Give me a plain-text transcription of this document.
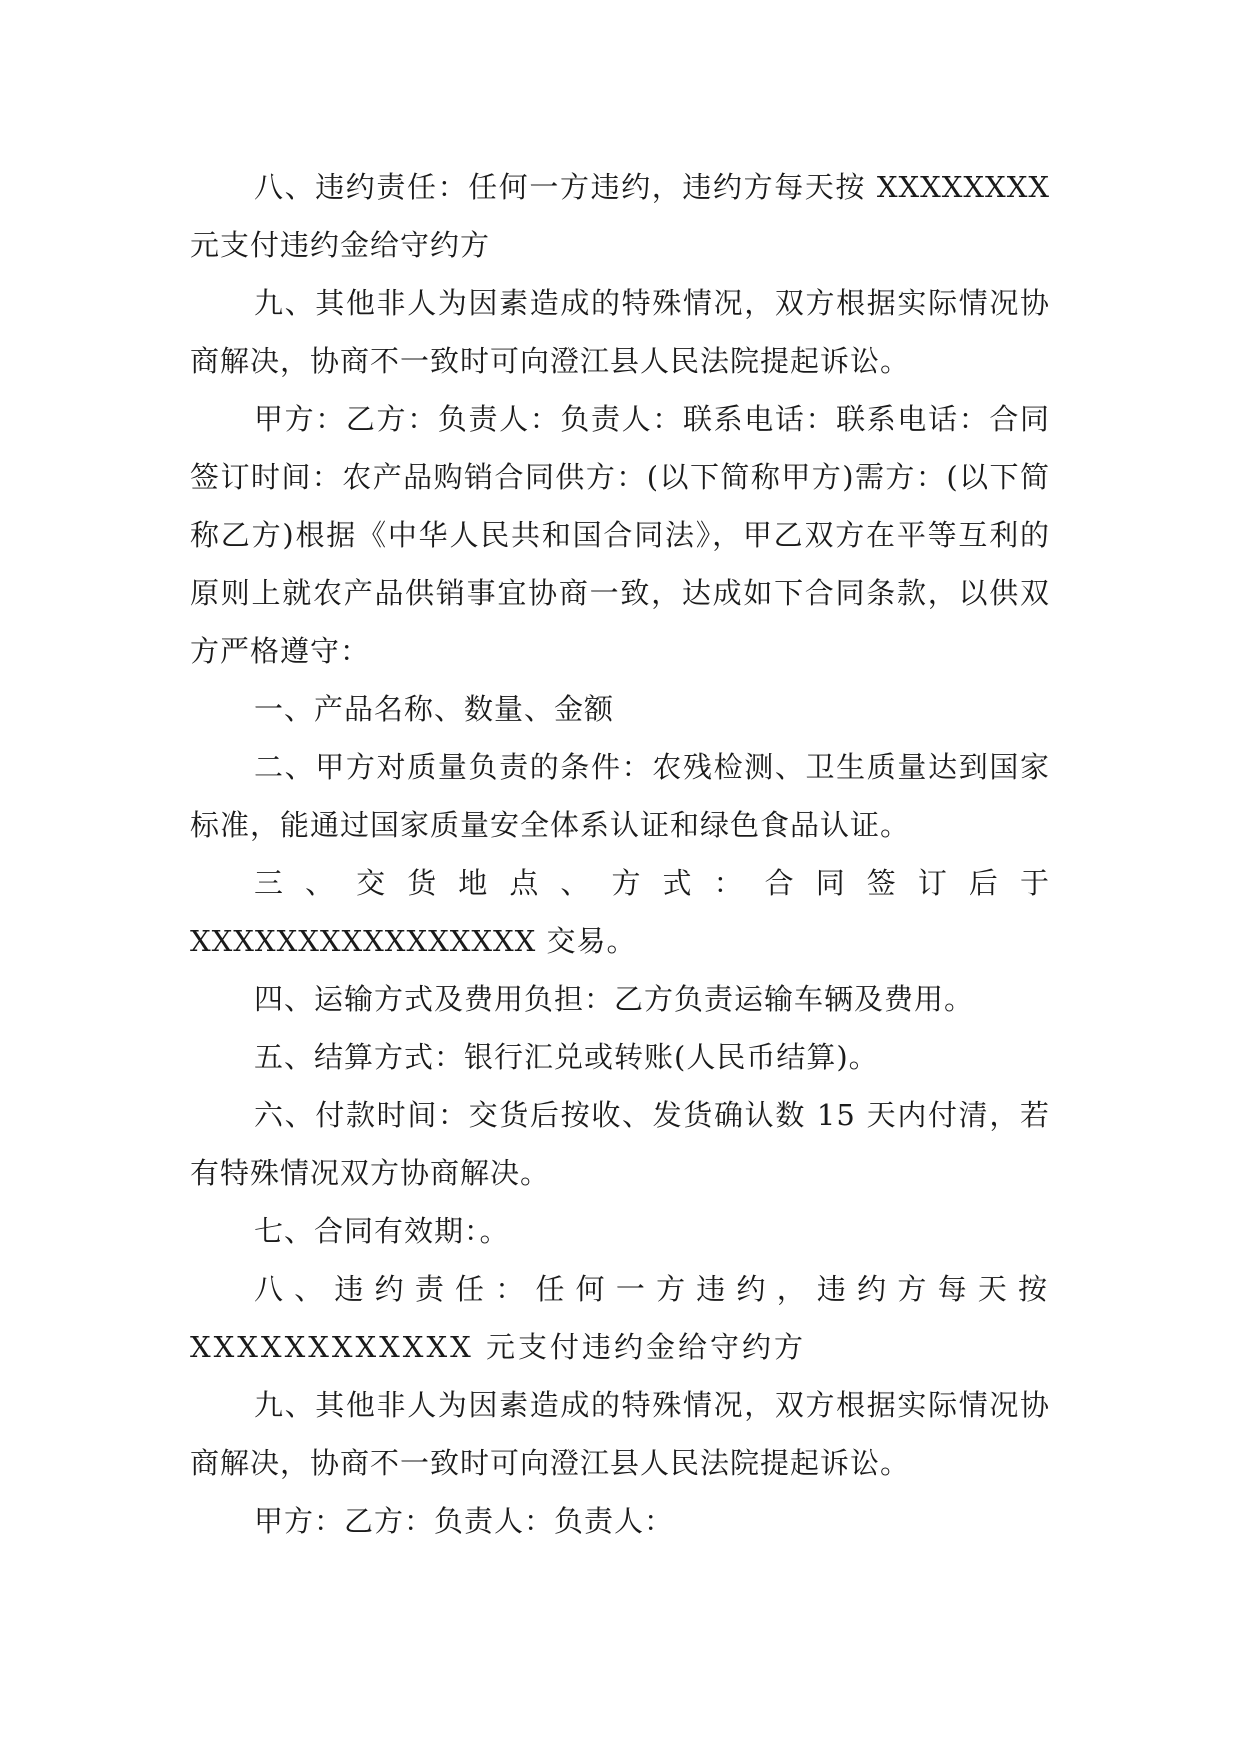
八、违约责任：任何一方违约，违约方每天按 XXXXXXXX 元支付违约金给守约方

九、其他非人为因素造成的特殊情况，双方根据实际情况协商解决，协商不一致时可向澄江县人民法院提起诉讼。

甲方：乙方：负责人：负责人：联系电话：联系电话：合同签订时间：农产品购销合同供方：(以下简称甲方)需方：(以下简称乙方)根据《中华人民共和国合同法》，甲乙双方在平等互利的原则上就农产品供销事宜协商一致，达成如下合同条款，以供双方严格遵守：

一、产品名称、数量、金额

二、甲方对质量负责的条件：农残检测、卫生质量达到国家标准，能通过国家质量安全体系认证和绿色食品认证。

三、交货地点、方式：合同签订后于 XXXXXXXXXXXXXXXX 交易。

四、运输方式及费用负担：乙方负责运输车辆及费用。

五、结算方式：银行汇兑或转账(人民币结算)。

六、付款时间：交货后按收、发货确认数 15 天内付清，若有特殊情况双方协商解决。

七、合同有效期：。

八、违约责任：任何一方违约，违约方每天按 XXXXXXXXXXXX 元支付违约金给守约方

九、其他非人为因素造成的特殊情况，双方根据实际情况协商解决，协商不一致时可向澄江县人民法院提起诉讼。

甲方：乙方：负责人：负责人：
